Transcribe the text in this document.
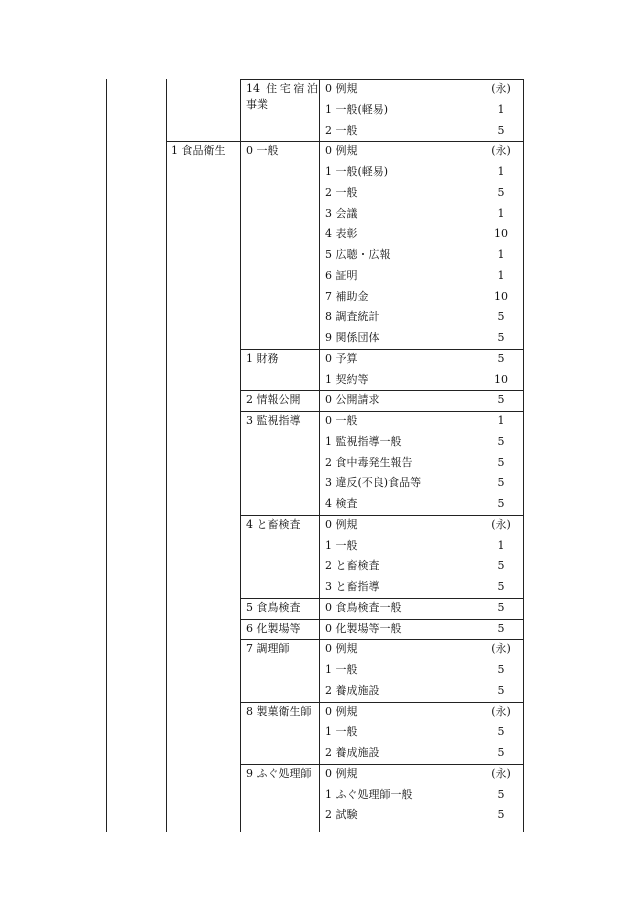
14 住宅宿泊事業
0 例規	(永)
1 一般(軽易)	1
2 一般	5
1 食品衛生 0 一般	0 例規	(永)
1 一般(軽易)	1
2 一般	5
3 会議	1
4 表彰	10
5 広聴・広報	1
6 証明	1
7 補助金	10
8 調査統計	5
9 関係団体	5
1 財務	0 予算	5
1 契約等	10
2 情報公開 0 公開請求	5
3 監視指導 0 一般	1
1 監視指導一般	5
2 食中毒発生報告	5
3 違反(不良)食品等	5
4 検査	5
4 と畜検査 0 例規	(永)
1 一般	1
2 と畜検査	5
3 と畜指導	5
5 食鳥検査 0 食鳥検査一般	5
6 化製場等 0 化製場等一般	5
7 調理師	0 例規	(永)
1 一般	5
2 養成施設	5
8 製菓衛生師	0 例規	(永)
1 一般	5
2 養成施設	5
9 ふぐ処理師	0 例規	(永)
1 ふぐ処理師一般	5
2 試験	5
